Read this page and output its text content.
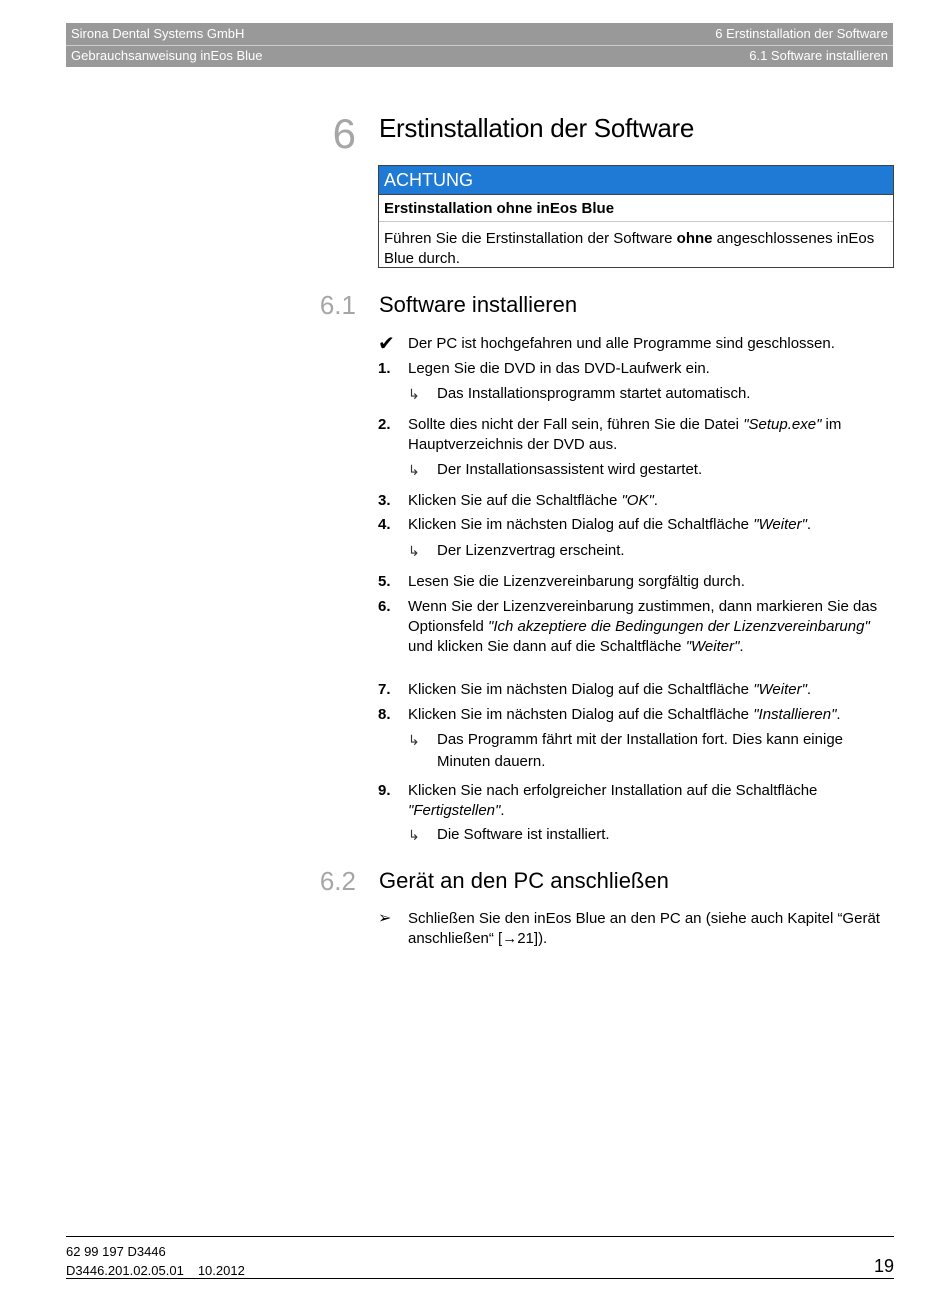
Sirona Dental Systems GmbH	6 Erstinstallation der Software
Gebrauchsanweisung inEos Blue	6.1 Software installieren
6 Erstinstallation der Software
ACHTUNG
Erstinstallation ohne inEos Blue
Führen Sie die Erstinstallation der Software ohne angeschlossenes inEos Blue durch.
6.1 Software installieren
✔ Der PC ist hochgefahren und alle Programme sind geschlossen.
1.	Legen Sie die DVD in das DVD-Laufwerk ein.
↳	Das Installationsprogramm startet automatisch.
2.	Sollte dies nicht der Fall sein, führen Sie die Datei "Setup.exe" im Hauptverzeichnis der DVD aus.
↳	Der Installationsassistent wird gestartet.
3.	Klicken Sie auf die Schaltfläche "OK".
4.	Klicken Sie im nächsten Dialog auf die Schaltfläche "Weiter".
↳	Der Lizenzvertrag erscheint.
5.	Lesen Sie die Lizenzvereinbarung sorgfältig durch.
6.	Wenn Sie der Lizenzvereinbarung zustimmen, dann markieren Sie das Optionsfeld "Ich akzeptiere die Bedingungen der Lizenzvereinbarung" und klicken Sie dann auf die Schaltfläche "Weiter".
7.	Klicken Sie im nächsten Dialog auf die Schaltfläche "Weiter".
8.	Klicken Sie im nächsten Dialog auf die Schaltfläche "Installieren".
↳	Das Programm fährt mit der Installation fort. Dies kann einige Minuten dauern.
9.	Klicken Sie nach erfolgreicher Installation auf die Schaltfläche "Fertigstellen".
↳	Die Software ist installiert.
6.2 Gerät an den PC anschließen
➢	Schließen Sie den inEos Blue an den PC an (siehe auch Kapitel “Gerät anschließen“ [→21]).
62 99 197 D3446
D3446.201.02.05.01 10.2012	19
